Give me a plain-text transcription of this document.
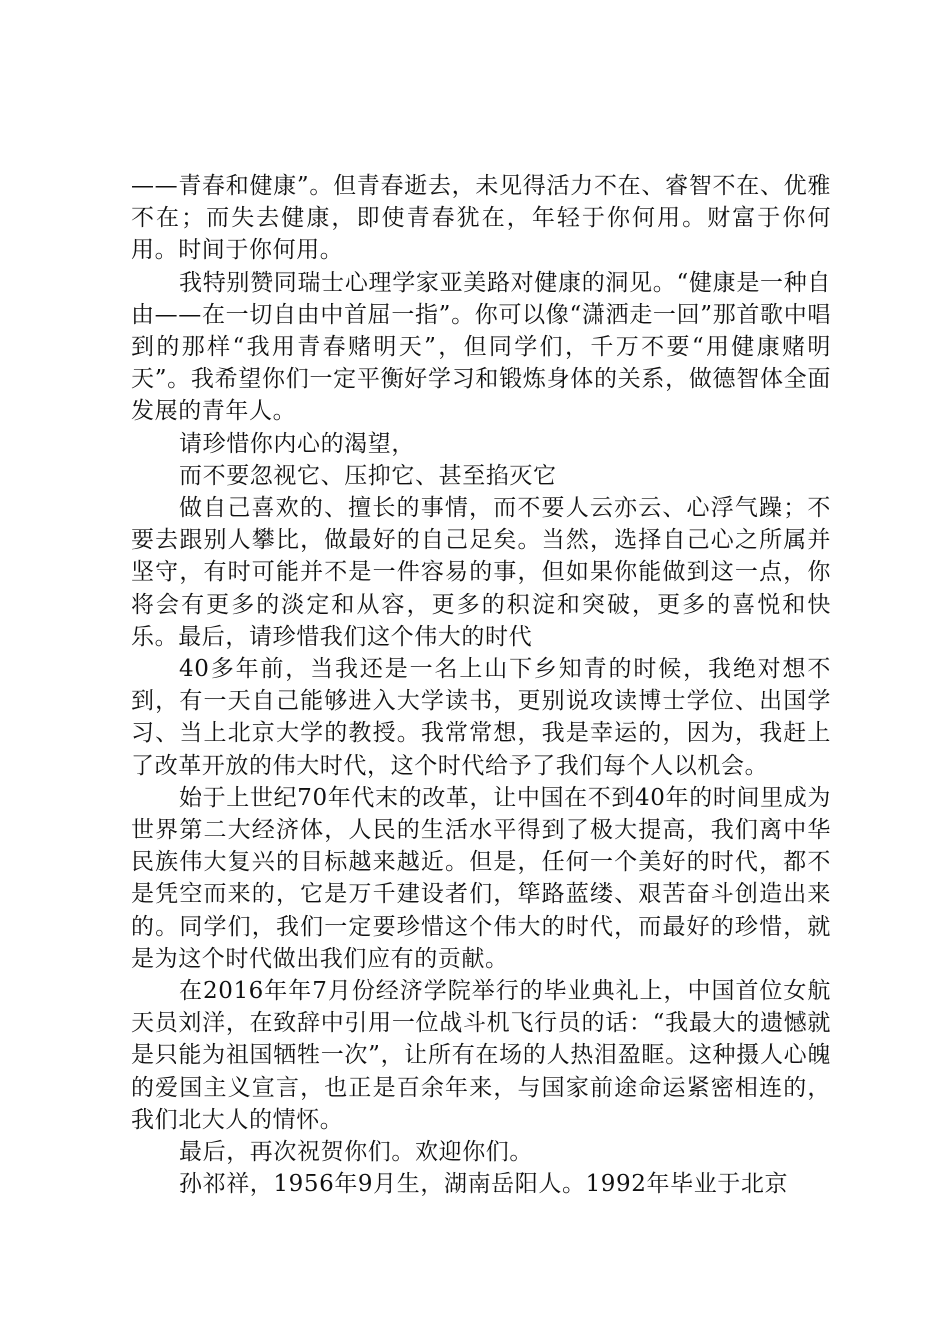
——青春和健康”。但青春逝去，未见得活力不在、睿智不在、优雅不在；而失去健康，即使青春犹在，年轻于你何用。财富于你何用。时间于你何用。

我特别赞同瑞士心理学家亚美路对健康的洞见。“健康是一种自由——在一切自由中首屈一指”。你可以像“潇洒走一回”那首歌中唱到的那样“我用青春赌明天”，但同学们，千万不要“用健康赌明天”。我希望你们一定平衡好学习和锻炼身体的关系，做德智体全面发展的青年人。

请珍惜你内心的渴望，

而不要忽视它、压抑它、甚至掐灭它

做自己喜欢的、擅长的事情，而不要人云亦云、心浮气躁；不要去跟别人攀比，做最好的自己足矣。当然，选择自己心之所属并坚守，有时可能并不是一件容易的事，但如果你能做到这一点，你将会有更多的淡定和从容，更多的积淀和突破，更多的喜悦和快乐。最后，请珍惜我们这个伟大的时代

40多年前，当我还是一名上山下乡知青的时候，我绝对想不到，有一天自己能够进入大学读书，更别说攻读博士学位、出国学习、当上北京大学的教授。我常常想，我是幸运的，因为，我赶上了改革开放的伟大时代，这个时代给予了我们每个人以机会。

始于上世纪70年代末的改革，让中国在不到40年的时间里成为世界第二大经济体，人民的生活水平得到了极大提高，我们离中华民族伟大复兴的目标越来越近。但是，任何一个美好的时代，都不是凭空而来的，它是万千建设者们，筚路蓝缕、艰苦奋斗创造出来的。同学们，我们一定要珍惜这个伟大的时代，而最好的珍惜，就是为这个时代做出我们应有的贡献。

在2016年年7月份经济学院举行的毕业典礼上，中国首位女航天员刘洋，在致辞中引用一位战斗机飞行员的话：“我最大的遗憾就是只能为祖国牺牲一次”，让所有在场的人热泪盈眶。这种摄人心魄的爱国主义宣言，也正是百余年来，与国家前途命运紧密相连的，我们北大人的情怀。

最后，再次祝贺你们。欢迎你们。

孙祁祥，1956年9月生，湖南岳阳人。1992年毕业于北京
